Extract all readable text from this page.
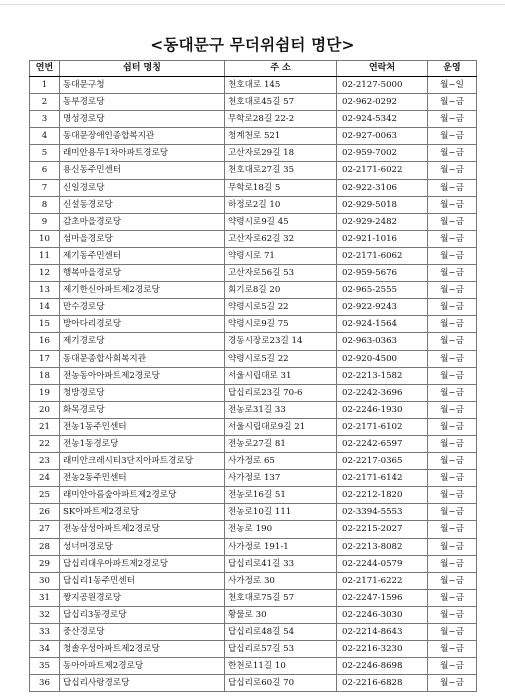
<동대문구 무더위쉼터 명단>
연번	쉼터 명칭	주 소	연락처	운영
1	동대문구청	천호대로 145	02-2127-5000	월~일
2	동부경로당	천호대로45길 57	02-962-0292	월~금
3	명성경로당	무학로28길 22-2	02-924-5342	월~금
4	동대문장애인종합복지관	청계천로 521	02-927-0063	월~금
5	래미안용두1차아파트경로당	고산자로29길 18	02-959-7002	월~금
6	용신동주민센터	천호대로27길 35	02-2171-6022	월~금
7	신일경로당	무학로18길 5	02-922-3106	월~금
8	신설동경로당	하정로2길 10	02-929-5018	월~금
9	감초마을경로당	약령시로9길 45	02-929-2482	월~금
10	섬마을경로당	고산자로62길 32	02-921-1016	월~금
11	제기동주민센터	약령시로 71	02-2171-6062	월~금
12	행복마을경로당	고산자로56길 53	02-959-5676	월~금
13	제기한신아파트제2경로당	회기로8길 20	02-965-2555	월~금
14	만수경로당	약령시로5길 22	02-922-9243	월~금
15	방아다리경로당	약령시로9길 75	02-924-1564	월~금
16	제기경로당	경동시장로23길 14	02-963-0363	월~금
17	동대문종합사회복지관	약령시로5길 22	02-920-4500	월~금
18	전농동아아파트제2경로당	서울시립대로 31	02-2213-1582	월~금
19	청방경로당	답십리로23길 70-6	02-2242-3696	월~금
20	화목경로당	전농로31길 33	02-2246-1930	월~금
21	전농1동주민센터	서울시립대로9길 21	02-2171-6102	월~금
22	전농1동경로당	전농로27길 81	02-2242-6597	월~금
23	래미안크레시티3단지아파트경로당	사가정로 65	02-2217-0365	월~금
24	전농2동주민센터	사가정로 137	02-2171-6142	월~금
25	래미안아름숲아파트제2경로당	전농로16길 51	02-2212-1820	월~금
26	SK아파트제2경로당	전농로10길 111	02-3394-5553	월~금
27	전농삼성아파트제2경로당	전농로 190	02-2215-2027	월~금
28	성너머경로당	사가정로 191-1	02-2213-8082	월~금
29	답십리대우아파트제2경로당	답십리로41길 33	02-2244-0579	월~금
30	답십리1동주민센터	사가정로 30	02-2171-6222	월~금
31	짱지공원경로당	천호대로75길 57	02-2247-1596	월~금
32	답십리3동경로당	황물로 30	02-2246-3030	월~금
33	중산경로당	답십리로48길 54	02-2214-8643	월~금
34	청솔우성아파트제2경로당	답십리로57길 53	02-2216-3230	월~금
35	동아아파트제2경로당	한천로11길 10	02-2246-8698	월~금
36	답십리사랑경로당	답십리로60길 70	02-2216-6828	월~금
